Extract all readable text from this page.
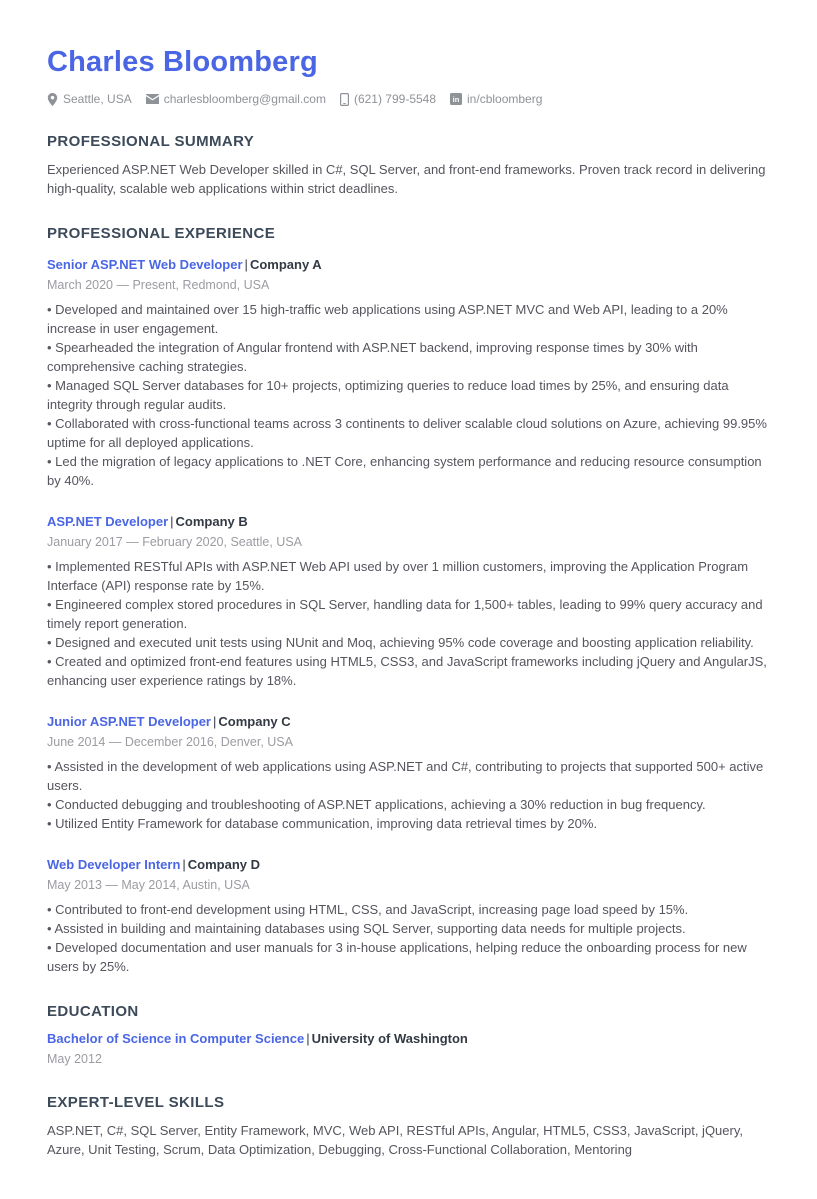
Charles Bloomberg
Seattle, USA	charlesbloomberg@gmail.com (621) 799-5548 in in/cbloomberg
PROFESSIONAL SUMMARY
Experienced ASP.NET Web Developer skilled in C#, SQL Server, and front-end frameworks. Proven track record in delivering high-quality, scalable web applications within strict deadlines.
PROFESSIONAL EXPERIENCE
Senior ASP.NET Web Developer | Company A
March 2020 — Present, Redmond, USA
• Developed and maintained over 15 high-traffic web applications using ASP.NET MVC and Web API, leading to a 20% increase in user engagement.
• Spearheaded the integration of Angular frontend with ASP.NET backend, improving response times by 30% with comprehensive caching strategies.
• Managed SQL Server databases for 10+ projects, optimizing queries to reduce load times by 25%, and ensuring data integrity through regular audits.
• Collaborated with cross-functional teams across 3 continents to deliver scalable cloud solutions on Azure, achieving 99.95% uptime for all deployed applications.
• Led the migration of legacy applications to .NET Core, enhancing system performance and reducing resource consumption by 40%.
ASP.NET Developer | Company B
January 2017 — February 2020, Seattle, USA
• Implemented RESTful APIs with ASP.NET Web API used by over 1 million customers, improving the Application Program Interface (API) response rate by 15%.
• Engineered complex stored procedures in SQL Server, handling data for 1,500+ tables, leading to 99% query accuracy and timely report generation.
• Designed and executed unit tests using NUnit and Moq, achieving 95% code coverage and boosting application reliability.
• Created and optimized front-end features using HTML5, CSS3, and JavaScript frameworks including jQuery and AngularJS, enhancing user experience ratings by 18%.
Junior ASP.NET Developer | Company C
June 2014 — December 2016, Denver, USA
• Assisted in the development of web applications using ASP.NET and C#, contributing to projects that supported 500+ active users.
• Conducted debugging and troubleshooting of ASP.NET applications, achieving a 30% reduction in bug frequency.
• Utilized Entity Framework for database communication, improving data retrieval times by 20%.
Web Developer Intern | Company D
May 2013 — May 2014, Austin, USA
• Contributed to front-end development using HTML, CSS, and JavaScript, increasing page load speed by 15%.
• Assisted in building and maintaining databases using SQL Server, supporting data needs for multiple projects.
• Developed documentation and user manuals for 3 in-house applications, helping reduce the onboarding process for new users by 25%.
EDUCATION
Bachelor of Science in Computer Science | University of Washington
May 2012
EXPERT-LEVEL SKILLS
ASP.NET, C#, SQL Server, Entity Framework, MVC, Web API, RESTful APIs, Angular, HTML5, CSS3, JavaScript, jQuery, Azure, Unit Testing, Scrum, Data Optimization, Debugging, Cross-Functional Collaboration, Mentoring
